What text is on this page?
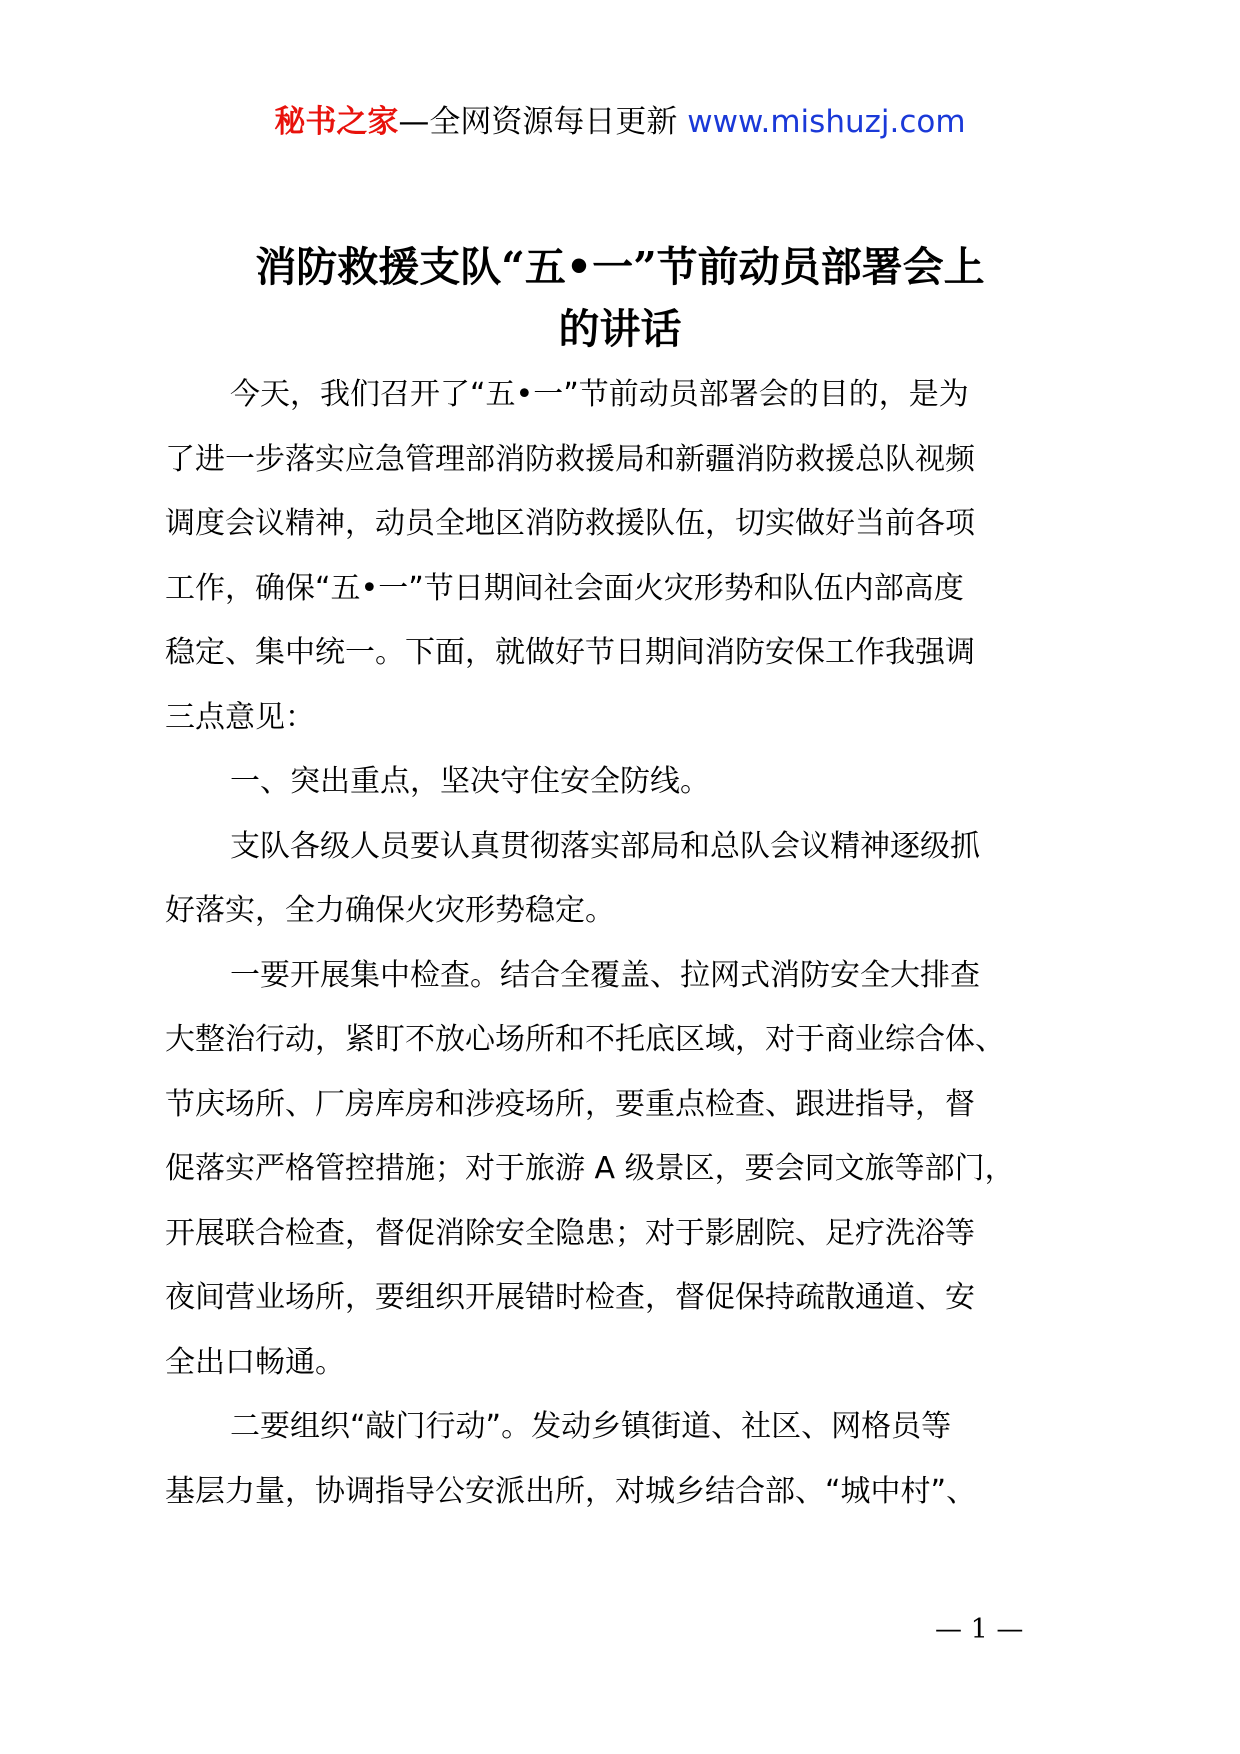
秘书之家—全网资源每日更新 www.mishuzj.com
消防救援支队“五•一”节前动员部署会上
的讲话
今天，我们召开了“五•一”节前动员部署会的目的，是为
了进一步落实应急管理部消防救援局和新疆消防救援总队视频
调度会议精神，动员全地区消防救援队伍，切实做好当前各项
工作，确保“五•一”节日期间社会面火灾形势和队伍内部高度
稳定、集中统一。下面，就做好节日期间消防安保工作我强调
三点意见：
一、突出重点，坚决守住安全防线。
支队各级人员要认真贯彻落实部局和总队会议精神逐级抓
好落实，全力确保火灾形势稳定。
一要开展集中检查。结合全覆盖、拉网式消防安全大排查
大整治行动，紧盯不放心场所和不托底区域，对于商业综合体、
节庆场所、厂房库房和涉疫场所，要重点检查、跟进指导，督
促落实严格管控措施；对于旅游 A 级景区，要会同文旅等部门，
开展联合检查，督促消除安全隐患；对于影剧院、足疗洗浴等
夜间营业场所，要组织开展错时检查，督促保持疏散通道、安
全出口畅通。
二要组织“敲门行动”。发动乡镇街道、社区、网格员等
基层力量，协调指导公安派出所，对城乡结合部、“城中村”、
— 1 —
